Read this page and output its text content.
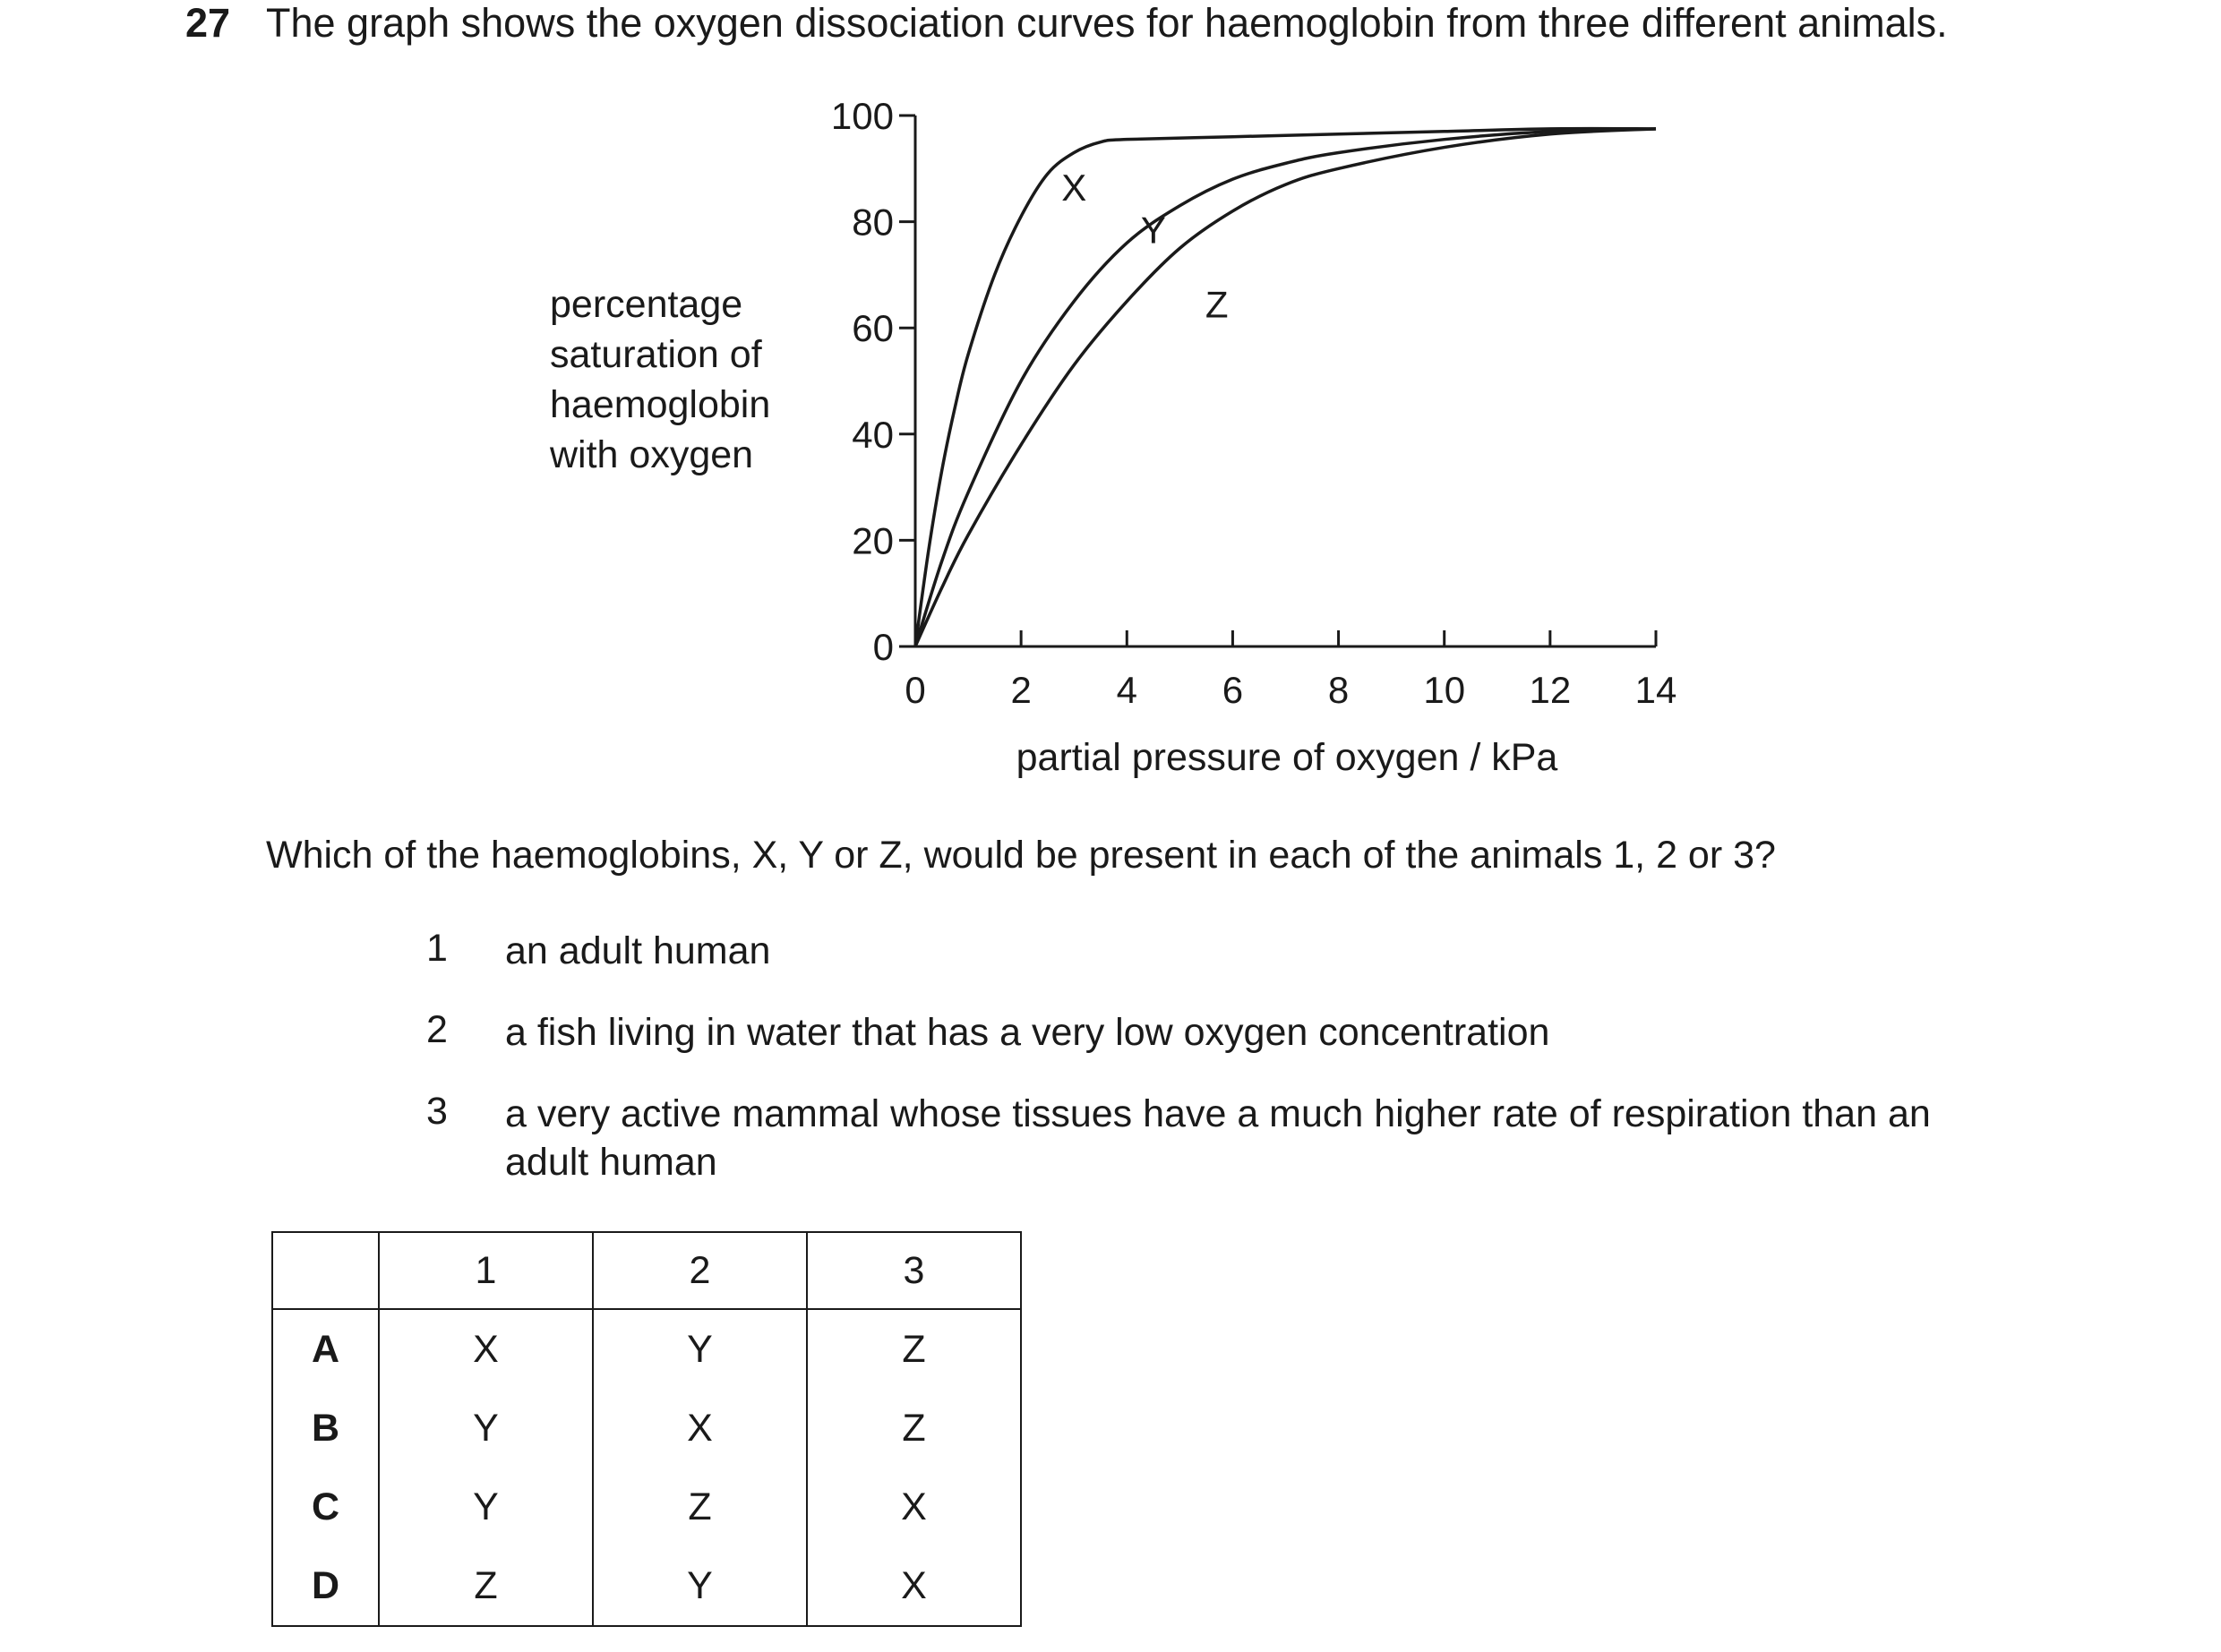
27 The graph shows the oxygen dissociation curves for haemoglobin from three different animals.
percentage
saturation of
haemoglobin
with oxygen
0
20
40
60
80
100
0 2 4 6 8 10 12 14
X
Y
Z
partial pressure of oxygen / kPa
Which of the haemoglobins, X, Y or Z, would be present in each of the animals 1, 2 or 3?
1 an adult human
2 a fish living in water that has a very low oxygen concentration
3 a very active mammal whose tissues have a much higher rate of respiration than an
adult human
	1	2	3
A	X	Y	Z
B	Y	X	Z
C	Y	Z	X
D	Z	Y	X
